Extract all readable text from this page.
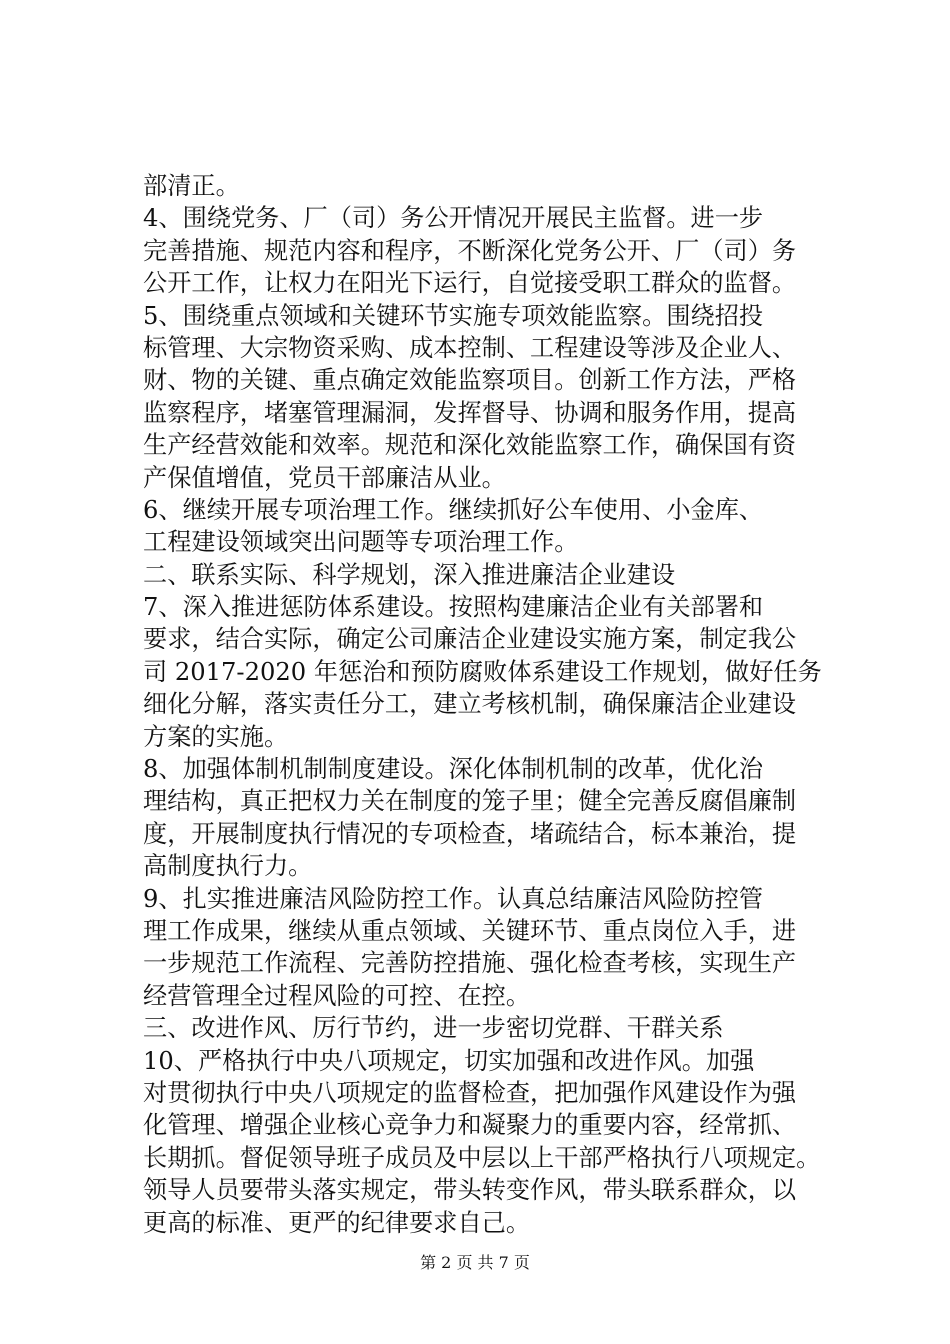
部清正。
4、围绕党务、厂（司）务公开情况开展民主监督。进一步
完善措施、规范内容和程序，不断深化党务公开、厂（司）务
公开工作，让权力在阳光下运行，自觉接受职工群众的监督。
5、围绕重点领域和关键环节实施专项效能监察。围绕招投
标管理、大宗物资采购、成本控制、工程建设等涉及企业人、
财、物的关键、重点确定效能监察项目。创新工作方法，严格
监察程序，堵塞管理漏洞，发挥督导、协调和服务作用，提高
生产经营效能和效率。规范和深化效能监察工作，确保国有资
产保值增值，党员干部廉洁从业。
6、继续开展专项治理工作。继续抓好公车使用、小金库、
工程建设领域突出问题等专项治理工作。
二、联系实际、科学规划，深入推进廉洁企业建设
7、深入推进惩防体系建设。按照构建廉洁企业有关部署和
要求，结合实际，确定公司廉洁企业建设实施方案，制定我公
司 2017-2020 年惩治和预防腐败体系建设工作规划，做好任务
细化分解，落实责任分工，建立考核机制，确保廉洁企业建设
方案的实施。
8、加强体制机制制度建设。深化体制机制的改革，优化治
理结构，真正把权力关在制度的笼子里；健全完善反腐倡廉制
度，开展制度执行情况的专项检查，堵疏结合，标本兼治，提
高制度执行力。
9、扎实推进廉洁风险防控工作。认真总结廉洁风险防控管
理工作成果，继续从重点领域、关键环节、重点岗位入手，进
一步规范工作流程、完善防控措施、强化检查考核，实现生产
经营管理全过程风险的可控、在控。
三、改进作风、厉行节约，进一步密切党群、干群关系
10、严格执行中央八项规定，切实加强和改进作风。加强
对贯彻执行中央八项规定的监督检查，把加强作风建设作为强
化管理、增强企业核心竞争力和凝聚力的重要内容，经常抓、
长期抓。督促领导班子成员及中层以上干部严格执行八项规定。
领导人员要带头落实规定，带头转变作风，带头联系群众，以
更高的标准、更严的纪律要求自己。
第 2 页 共 7 页
